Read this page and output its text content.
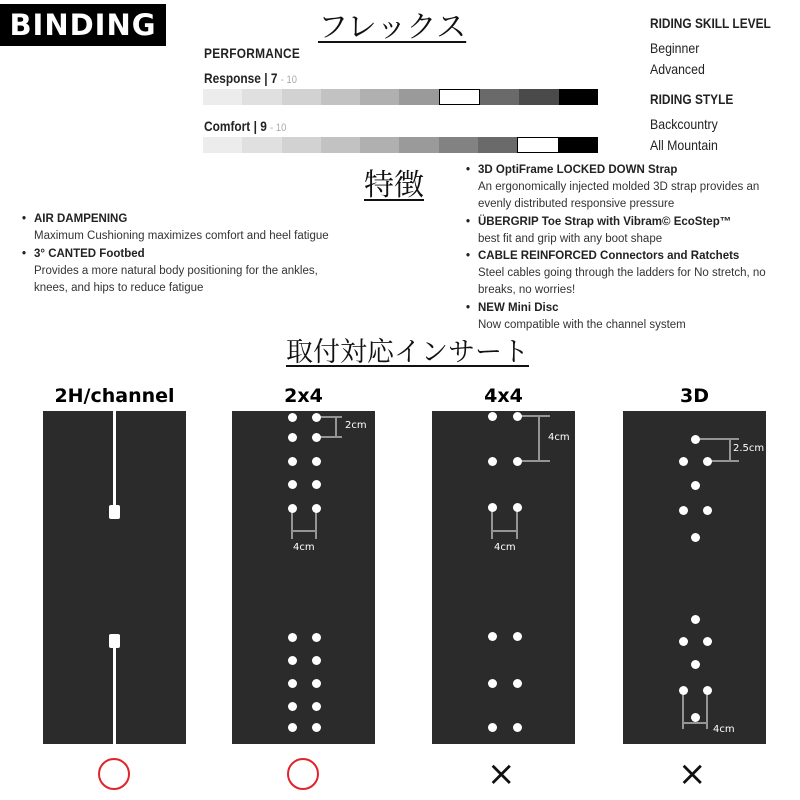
BINDING	フレックス
PERFORMANCE
Response | 7 - 10
Comfort | 9 - 10
RIDING SKILL LEVEL
Beginner
Advanced
RIDING STYLE
Backcountry
All Mountain
特徴
• AIR DAMPENING
Maximum Cushioning maximizes comfort and heel fatigue
• 3° CANTED Footbed
Provides a more natural body positioning for the ankles, knees, and hips to reduce fatigue
• 3D OptiFrame LOCKED DOWN Strap
An ergonomically injected molded 3D strap provides an evenly distributed responsive pressure
• ÜBERGRIP Toe Strap with Vibram© EcoStep™
best fit and grip with any boot shape
• CABLE REINFORCED Connectors and Ratchets
Steel cables going through the ladders for No stretch, no breaks, no worries!
• NEW Mini Disc
Now compatible with the channel system
取付対応インサート
2H/channel	2x4	4x4	3D
2cm
4cm
4cm
4cm
2.5cm
4cm
×	×
